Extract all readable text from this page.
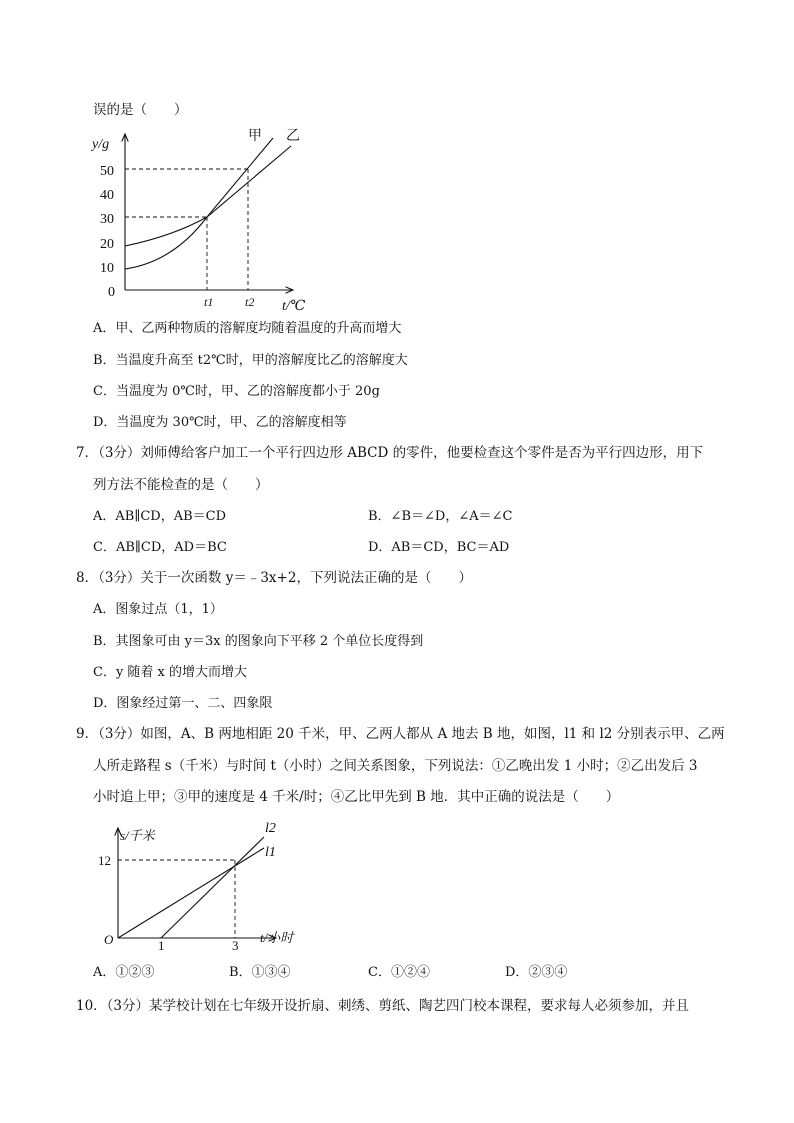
误的是（　　）
y/g
t/℃
0
10
20
30
40
50
t1	t2
甲 乙
A．甲、乙两种物质的溶解度均随着温度的升高而增大
B．当温度升高至 t2℃时，甲的溶解度比乙的溶解度大
C．当温度为 0℃时，甲、乙的溶解度都小于 20g
D．当温度为 30℃时，甲、乙的溶解度相等
7．（3分）刘师傅给客户加工一个平行四边形 ABCD 的零件，他要检查这个零件是否为平行四边形，用下
列方法不能检查的是（　　）
A．AB∥CD，AB＝CD	B．∠B＝∠D，∠A＝∠C
C．AB∥CD，AD＝BC	D．AB＝CD，BC＝AD
8．（3分）关于一次函数 y＝﹣3x+2，下列说法正确的是（　　）
A．图象过点（1，1）
B．其图象可由 y＝3x 的图象向下平移 2 个单位长度得到
C．y 随着 x 的增大而增大
D．图象经过第一、二、四象限
9．（3分）如图，A、B 两地相距 20 千米，甲、乙两人都从 A 地去 B 地，如图，l1 和 l2 分别表示甲、乙两
人所走路程 s（千米）与时间 t（小时）之间关系图象，下列说法：①乙晚出发 1 小时；②乙出发后 3
小时追上甲；③甲的速度是 4 千米/时；④乙比甲先到 B 地．其中正确的说法是（　　）
s/千米
t/小时
O
12
1	3
l2
l1
A．①②③	B．①③④	C．①②④	D．②③④
10．（3分）某学校计划在七年级开设折扇、刺绣、剪纸、陶艺四门校本课程，要求每人必须参加，并且
